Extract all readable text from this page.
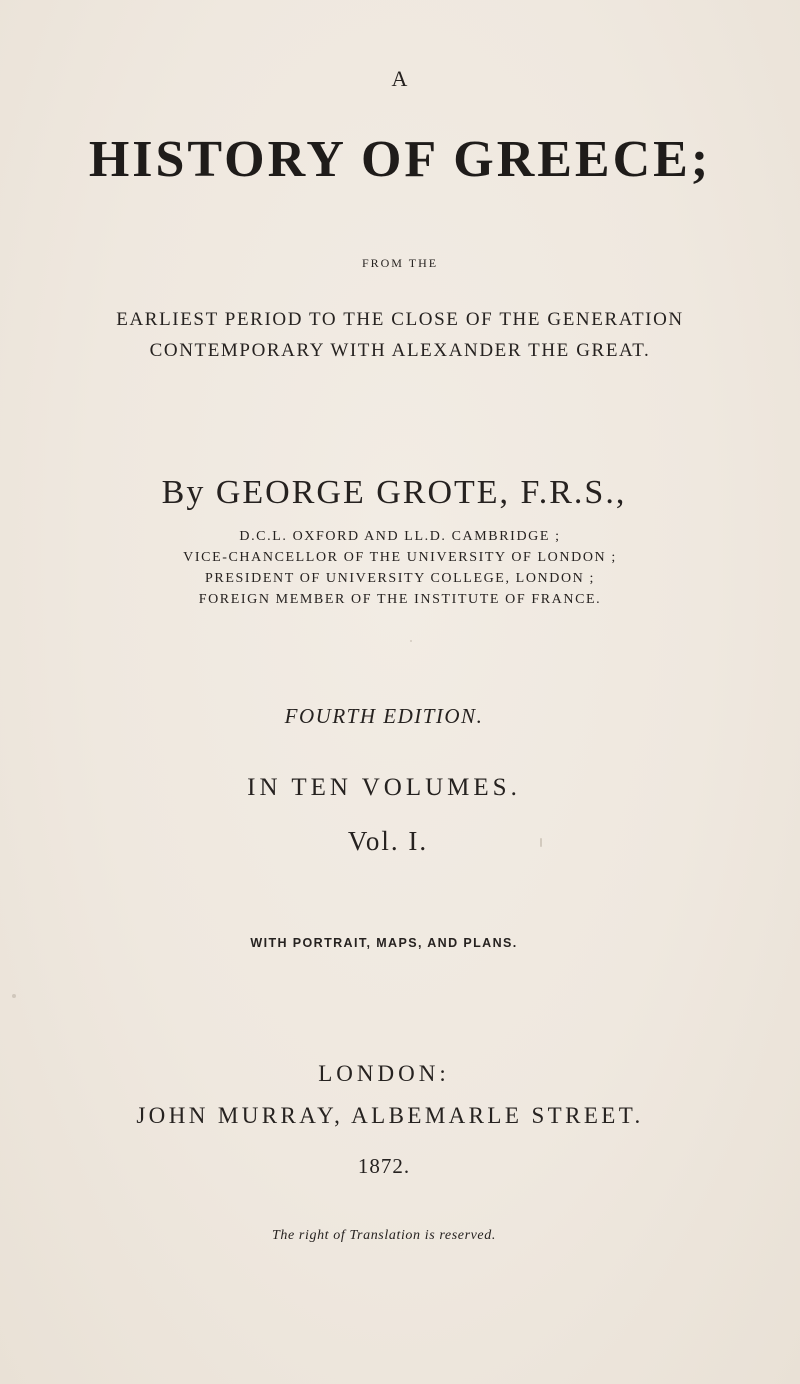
A
HISTORY OF GREECE;
FROM THE
EARLIEST PERIOD TO THE CLOSE OF THE GENERATION
CONTEMPORARY WITH ALEXANDER THE GREAT.
By GEORGE GROTE, F.R.S.,
D.C.L. OXFORD AND LL.D. CAMBRIDGE ;
VICE-CHANCELLOR OF THE UNIVERSITY OF LONDON ;
PRESIDENT OF UNIVERSITY COLLEGE, LONDON ;
FOREIGN MEMBER OF THE INSTITUTE OF FRANCE.
FOURTH EDITION.
IN TEN VOLUMES.
Vol. I.
WITH PORTRAIT, MAPS, AND PLANS.
LONDON:
JOHN MURRAY, ALBEMARLE STREET.
1872.
The right of Translation is reserved.
